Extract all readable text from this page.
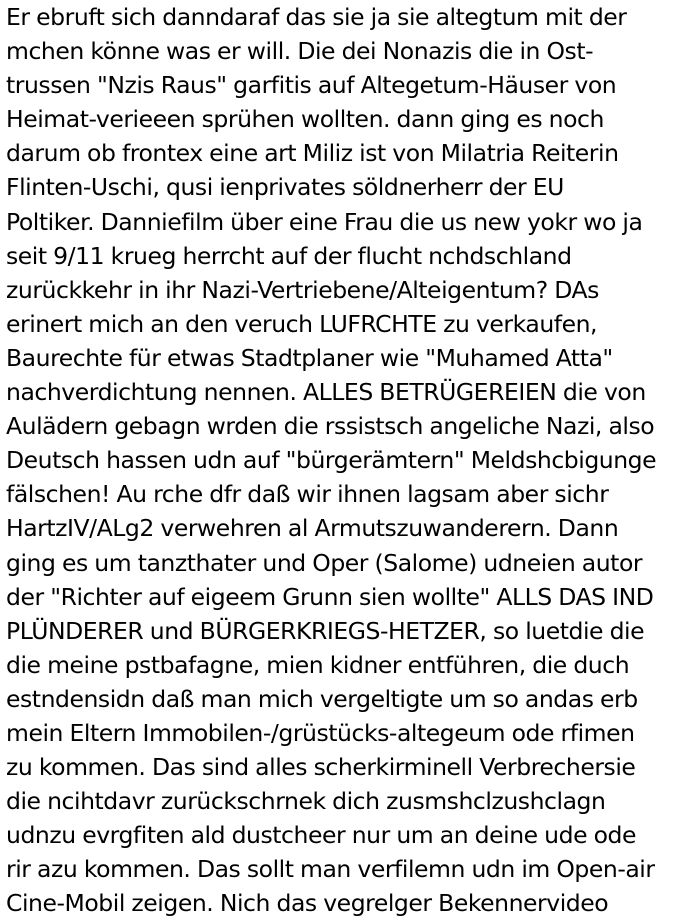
Er ebruft sich danndaraf das sie ja sie altegtum mit der

mchen könne was er will. Die dei Nonazis die in Ost-

trussen "Nzis Raus" garfitis auf Altegetum-Häuser von

Heimat-verieeen sprühen wollten. dann ging es noch

darum ob frontex eine art Miliz ist von Milatria Reiterin

Flinten-Uschi, qusi ienprivates söldnerherr der EU

Poltiker. Danniefilm über eine Frau die us new yokr wo ja

seit 9/11 krueg herrcht auf der flucht nchdschland

zurückkehr in ihr Nazi-Vertriebene/Alteigentum? DAs

erinert mich an den veruch LUFRCHTE zu verkaufen,

Baurechte für etwas Stadtplaner wie "Muhamed Atta"

nachverdichtung nennen. ALLES BETRÜGEREIEN die von

Aulädern gebagn wrden die rssistsch angeliche Nazi, also

Deutsch hassen udn auf "bürgerämtern" Meldshcbigunge

fälschen! Au rche dfr daß wir ihnen lagsam aber sichr

HartzIV/ALg2 verwehren al Armutszuwanderern. Dann

ging es um tanzthater und Oper (Salome) udneien autor

der "Richter auf eigeem Grunn sien wollte" ALLS DAS IND

PLÜNDERER und BÜRGERKRIEGS-HETZER, so luetdie die

die meine pstbafagne, mien kidner entführen, die duch

estndensidn daß man mich vergeltigte um so andas erb

mein Eltern Immobilen-/grüstücks-altegeum ode rfimen

zu kommen. Das sind alles scherkirminell Verbrechersie

die ncihtdavr zurückschrnek dich zusmshclzushclagn

udnzu evrgfiten ald dustcheer nur um an deine ude ode

rir azu kommen. Das sollt man verfilemn udn im Open-air

Cine-Mobil zeigen. Nich das vegrelger Bekennervideo
